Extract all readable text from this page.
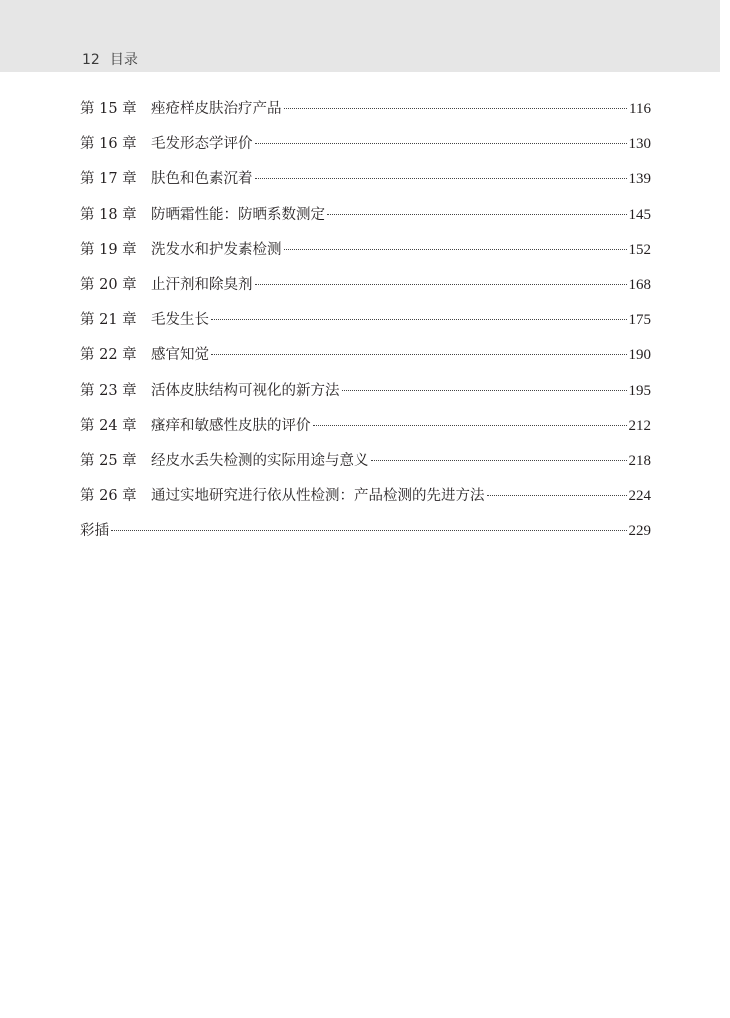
12 目录
第 15 章 痤疮样皮肤治疗产品	116
第 16 章 毛发形态学评价	130
第 17 章 肤色和色素沉着	139
第 18 章 防晒霜性能：防晒系数测定	145
第 19 章 洗发水和护发素检测	152
第 20 章 止汗剂和除臭剂	168
第 21 章 毛发生长	175
第 22 章 感官知觉	190
第 23 章 活体皮肤结构可视化的新方法	195
第 24 章 瘙痒和敏感性皮肤的评价	212
第 25 章 经皮水丢失检测的实际用途与意义	218
第 26 章 通过实地研究进行依从性检测：产品检测的先进方法	224
彩插	229
